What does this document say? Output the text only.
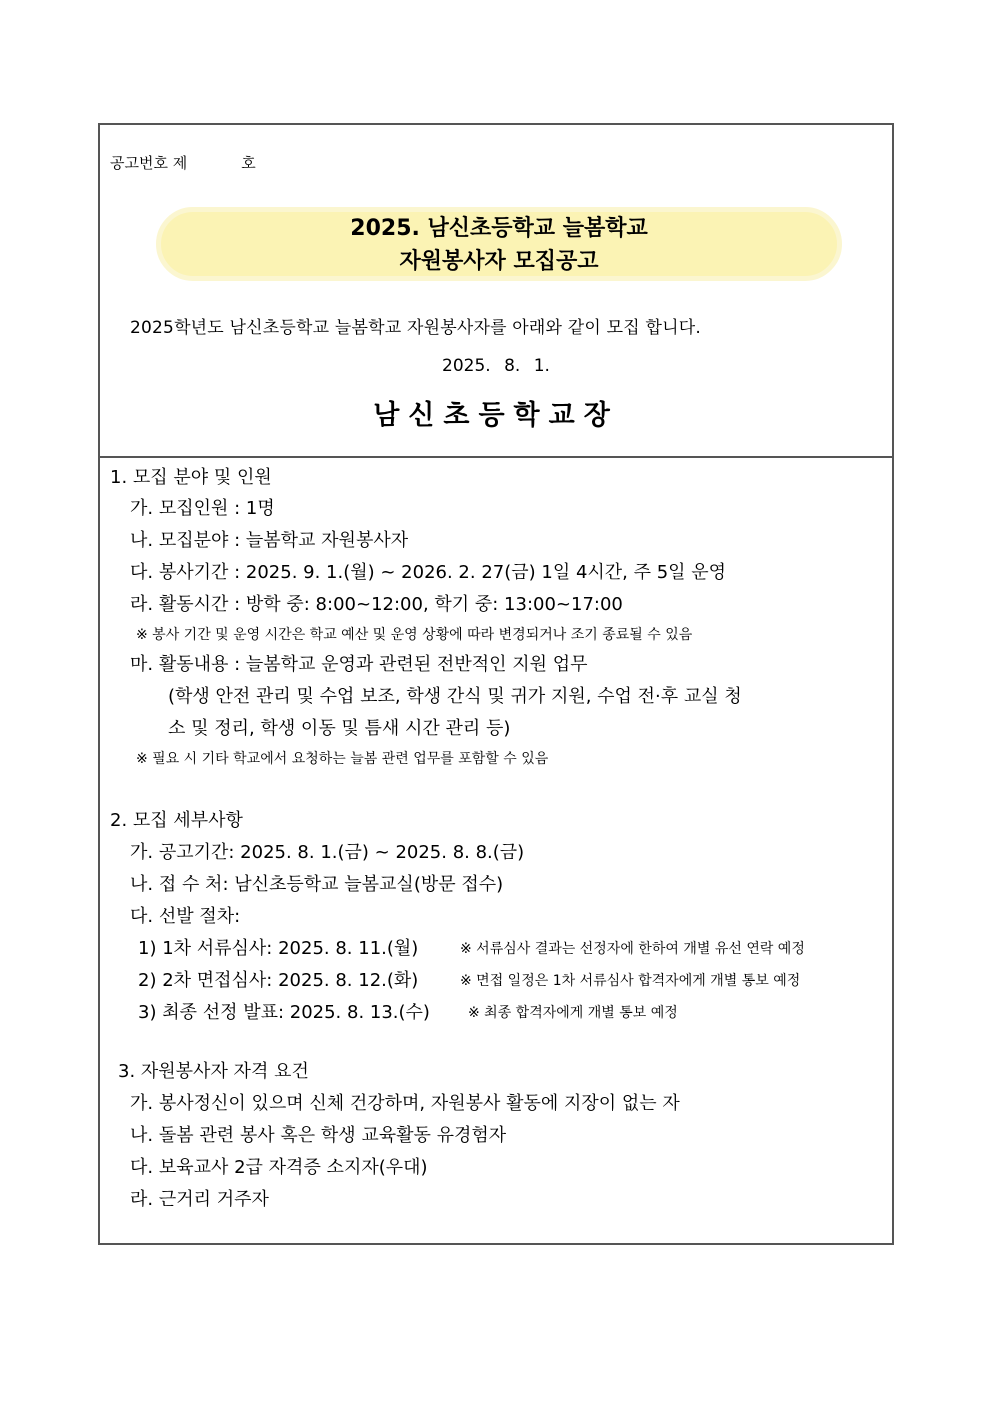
공고번호 제	호
2025. 남신초등학교 늘봄학교
자원봉사자 모집공고
2025학년도 남신초등학교 늘봄학교 자원봉사자를 아래와 같이 모집 합니다.
2025. 8. 1.
남신초등학교장
1. 모집 분야 및 인원
가. 모집인원 : 1명
나. 모집분야 : 늘봄학교 자원봉사자
다. 봉사기간 : 2025. 9. 1.(월) ~ 2026. 2. 27(금) 1일 4시간, 주 5일 운영
라. 활동시간 : 방학 중: 8:00~12:00, 학기 중: 13:00~17:00
※ 봉사 기간 및 운영 시간은 학교 예산 및 운영 상황에 따라 변경되거나 조기 종료될 수 있음
마. 활동내용 : 늘봄학교 운영과 관련된 전반적인 지원 업무
(학생 안전 관리 및 수업 보조, 학생 간식 및 귀가 지원, 수업 전·후 교실 청
소 및 정리, 학생 이동 및 틈새 시간 관리 등)
※ 필요 시 기타 학교에서 요청하는 늘봄 관련 업무를 포함할 수 있음
2. 모집 세부사항
가. 공고기간: 2025. 8. 1.(금) ~ 2025. 8. 8.(금)
나. 접 수 처: 남신초등학교 늘봄교실(방문 접수)
다. 선발 절차:
1) 1차 서류심사: 2025. 8. 11.(월)	※ 서류심사 결과는 선정자에 한하여 개별 유선 연락 예정
2) 2차 면접심사: 2025. 8. 12.(화)	※ 면접 일정은 1차 서류심사 합격자에게 개별 통보 예정
3) 최종 선정 발표: 2025. 8. 13.(수)	※ 최종 합격자에게 개별 통보 예정
3. 자원봉사자 자격 요건
가. 봉사정신이 있으며 신체 건강하며, 자원봉사 활동에 지장이 없는 자
나. 돌봄 관련 봉사 혹은 학생 교육활동 유경험자
다. 보육교사 2급 자격증 소지자(우대)
라. 근거리 거주자
